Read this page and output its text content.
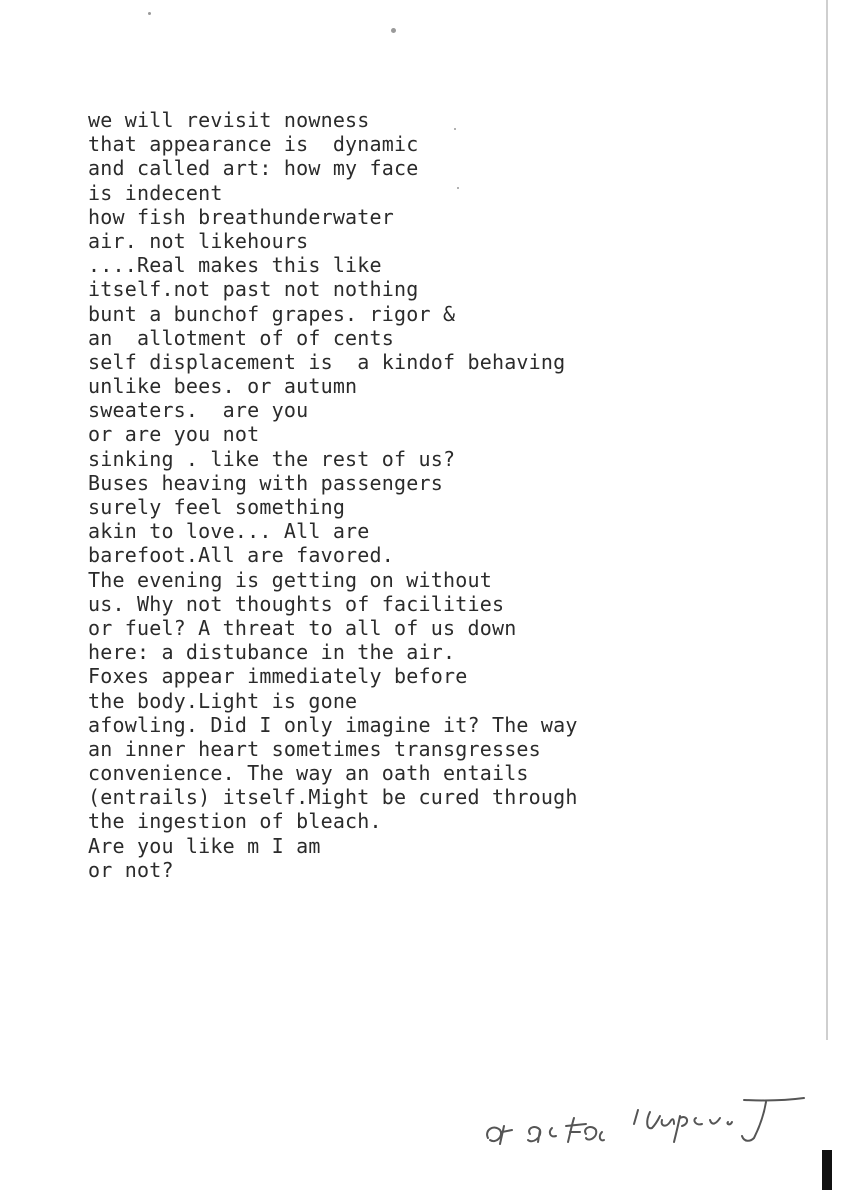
we will revisit nowness
that appearance is  dynamic
and called art: how my face
is indecent
how fish breathunderwater
air. not likehours
....Real makes this like
itself.not past not nothing
bunt a bunchof grapes. rigor &
an  allotment of of cents
self displacement is  a kindof behaving
unlike bees. or autumn
sweaters.  are you
or are you not
sinking . like the rest of us?
Buses heaving with passengers
surely feel something
akin to love... All are
barefoot.All are favored.
The evening is getting on without
us. Why not thoughts of facilities
or fuel? A threat to all of us down
here: a distubance in the air.
Foxes appear immediately before
the body.Light is gone
afowling. Did I only imagine it? The way
an inner heart sometimes transgresses
convenience. The way an oath entails
(entrails) itself.Might be cured through
the ingestion of bleach.
Are you like m I am
or not?
